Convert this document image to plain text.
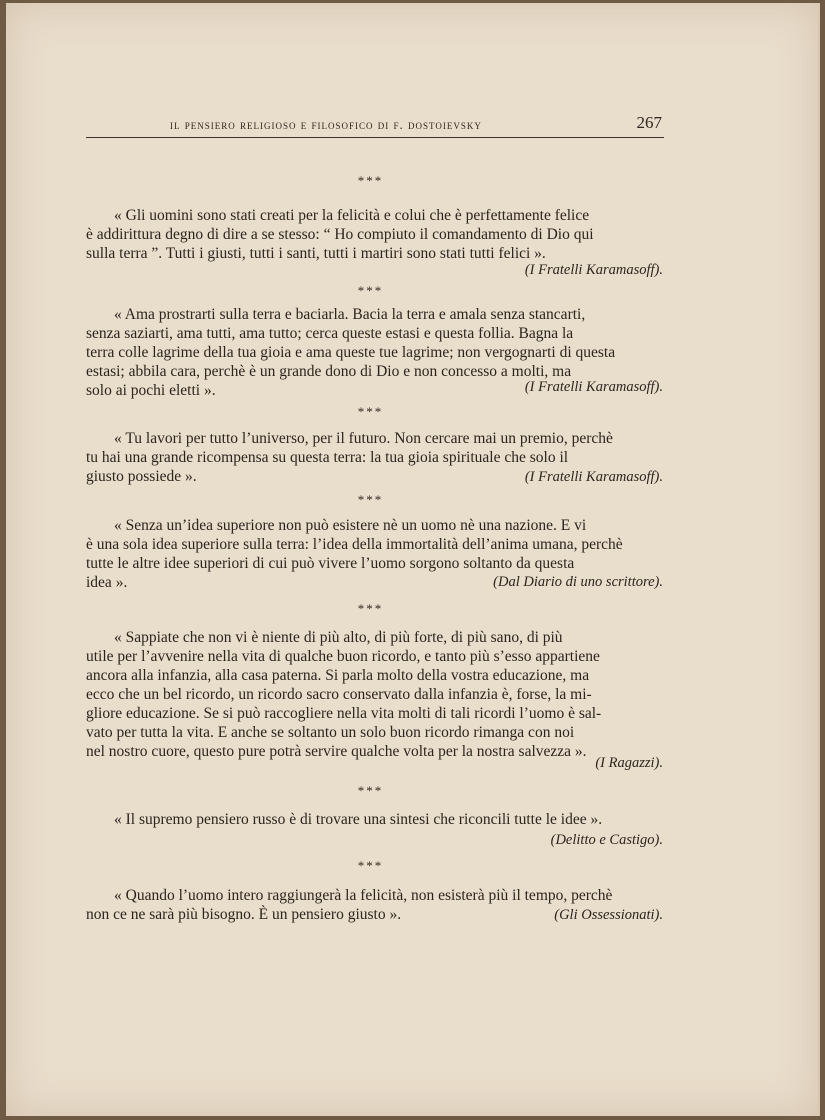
il pensiero religioso e filosofico di f. dostoievsky	267
***
« Gli uomini sono stati creati per la felicità e colui che è perfettamente felice
è addirittura degno di dire a se stesso: “ Ho compiuto il comandamento di Dio qui
sulla terra ”. Tutti i giusti, tutti i santi, tutti i martiri sono stati tutti felici ».
(I Fratelli Karamasoff).
***
« Ama prostrarti sulla terra e baciarla. Bacia la terra e amala senza stancarti,
senza saziarti, ama tutti, ama tutto; cerca queste estasi e questa follia. Bagna la
terra colle lagrime della tua gioia e ama queste tue lagrime; non vergognarti di questa
estasi; abbila cara, perchè è un grande dono di Dio e non concesso a molti, ma
solo ai pochi eletti ».	(I Fratelli Karamasoff).
***
« Tu lavori per tutto l’universo, per il futuro. Non cercare mai un premio, perchè
tu hai una grande ricompensa su questa terra: la tua gioia spirituale che solo il
giusto possiede ».	(I Fratelli Karamasoff).
***
« Senza un’idea superiore non può esistere nè un uomo nè una nazione. E vi
è una sola idea superiore sulla terra: l’idea della immortalità dell’anima umana, perchè
tutte le altre idee superiori di cui può vivere l’uomo sorgono soltanto da questa
idea ».	(Dal Diario di uno scrittore).
***
« Sappiate che non vi è niente di più alto, di più forte, di più sano, di più
utile per l’avvenire nella vita di qualche buon ricordo, e tanto più s’esso appartiene
ancora alla infanzia, alla casa paterna. Si parla molto della vostra educazione, ma
ecco che un bel ricordo, un ricordo sacro conservato dalla infanzia è, forse, la mi-
gliore educazione. Se si può raccogliere nella vita molti di tali ricordi l’uomo è sal-
vato per tutta la vita. E anche se soltanto un solo buon ricordo rimanga con noi
nel nostro cuore, questo pure potrà servire qualche volta per la nostra salvezza ».
(I Ragazzi).
***
« Il supremo pensiero russo è di trovare una sintesi che riconcili tutte le idee ».
(Delitto e Castigo).
***
« Quando l’uomo intero raggiungerà la felicità, non esisterà più il tempo, perchè
non ce ne sarà più bisogno. È un pensiero giusto ».	(Gli Ossessionati).
